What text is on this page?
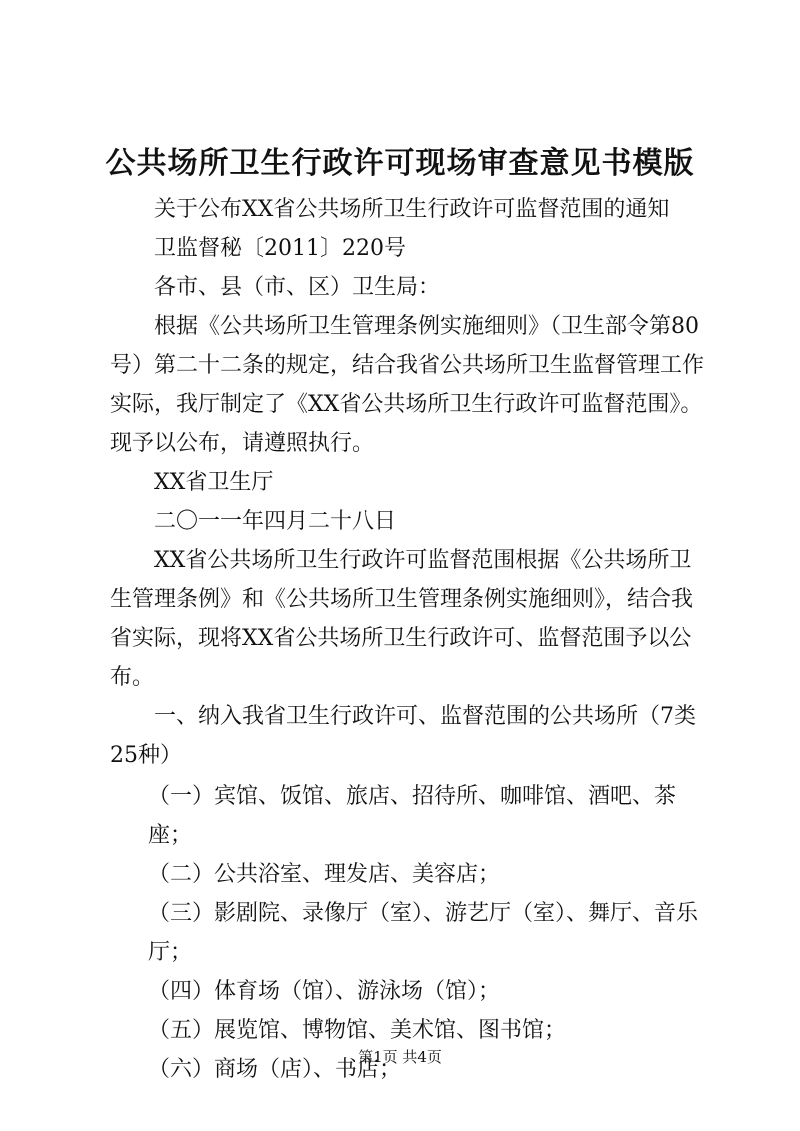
公共场所卫生行政许可现场审查意见书模版

关于公布XX省公共场所卫生行政许可监督范围的通知

卫监督秘〔2011〕220号

各市、县（市、区）卫生局：

根据《公共场所卫生管理条例实施细则》（卫生部令第80号）第二十二条的规定，结合我省公共场所卫生监督管理工作实际，我厅制定了《XX省公共场所卫生行政许可监督范围》。现予以公布，请遵照执行。

XX省卫生厅

二〇一一年四月二十八日

XX省公共场所卫生行政许可监督范围根据《公共场所卫生管理条例》和《公共场所卫生管理条例实施细则》，结合我省实际，现将XX省公共场所卫生行政许可、监督范围予以公布。

一、纳入我省卫生行政许可、监督范围的公共场所（7类25种）

（一）宾馆、饭馆、旅店、招待所、咖啡馆、酒吧、茶座；

（二）公共浴室、理发店、美容店；

（三）影剧院、录像厅（室）、游艺厅（室）、舞厅、音乐厅；

（四）体育场（馆）、游泳场（馆）；

（五）展览馆、博物馆、美术馆、图书馆；

（六）商场（店）、书店；

第1页 共4页
